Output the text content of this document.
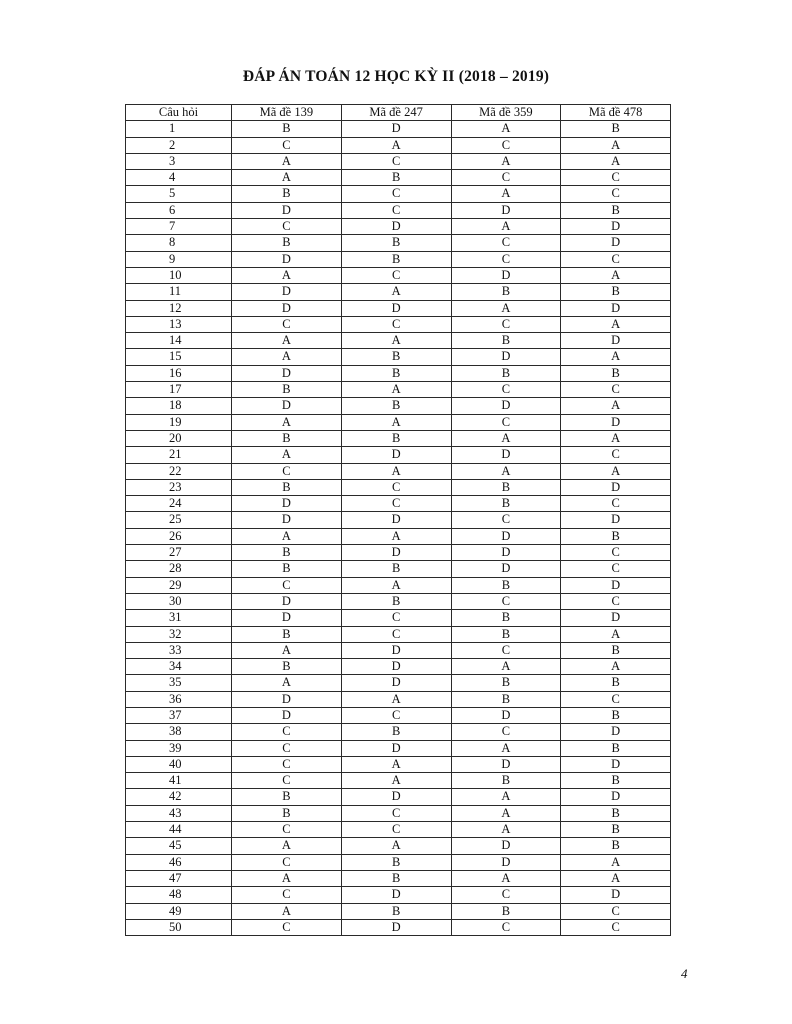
ĐÁP ÁN TOÁN 12 HỌC KỲ II (2018 – 2019)
Câu hỏi	Mã đề 139	Mã đề 247	Mã đề 359	Mã đề 478
1	B	D	A	B
2	C	A	C	A
3	A	C	A	A
4	A	B	C	C
5	B	C	A	C
6	D	C	D	B
7	C	D	A	D
8	B	B	C	D
9	D	B	C	C
10	A	C	D	A
11	D	A	B	B
12	D	D	A	D
13	C	C	C	A
14	A	A	B	D
15	A	B	D	A
16	D	B	B	B
17	B	A	C	C
18	D	B	D	A
19	A	A	C	D
20	B	B	A	A
21	A	D	D	C
22	C	A	A	A
23	B	C	B	D
24	D	C	B	C
25	D	D	C	D
26	A	A	D	B
27	B	D	D	C
28	B	B	D	C
29	C	A	B	D
30	D	B	C	C
31	D	C	B	D
32	B	C	B	A
33	A	D	C	B
34	B	D	A	A
35	A	D	B	B
36	D	A	B	C
37	D	C	D	B
38	C	B	C	D
39	C	D	A	B
40	C	A	D	D
41	C	A	B	B
42	B	D	A	D
43	B	C	A	B
44	C	C	A	B
45	A	A	D	B
46	C	B	D	A
47	A	B	A	A
48	C	D	C	D
49	A	B	B	C
50	C	D	C	C
4
